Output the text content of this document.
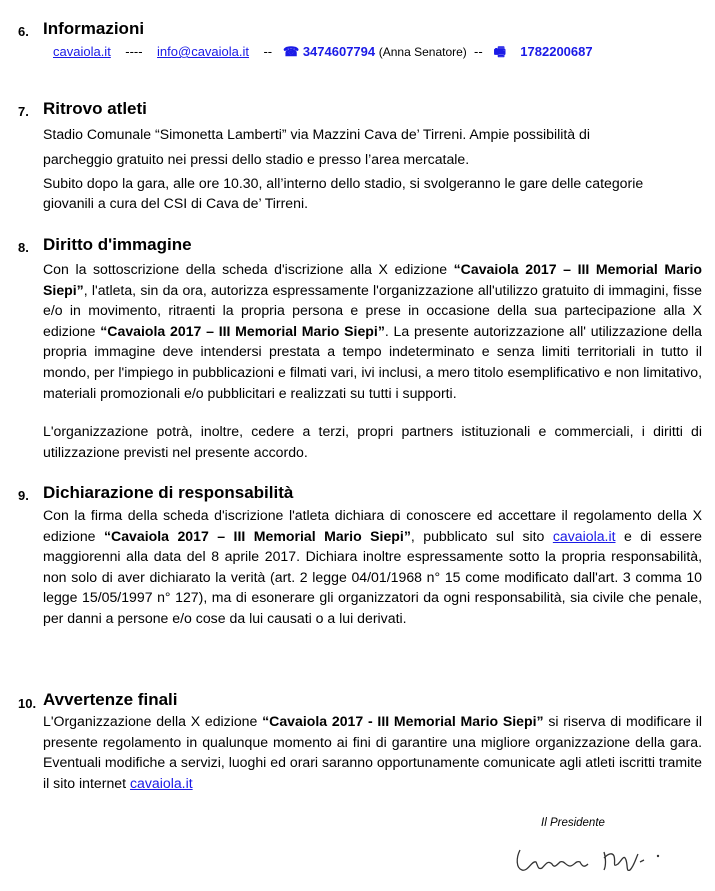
6. Informazioni
cavaiola.it ---- info@cavaiola.it -- ☎ 3474607794 (Anna Senatore) -- 🖷 1782200687
7. Ritrovo atleti
Stadio Comunale “Simonetta Lamberti” via Mazzini Cava de’ Tirreni. Ampie possibilità di
parcheggio gratuito nei pressi dello stadio e presso l’area mercatale.
Subito dopo la gara, alle ore 10.30, all’interno dello stadio, si svolgeranno le gare delle categorie
giovanili a cura del CSI di Cava de’ Tirreni.
8. Diritto d'immagine
Con la sottoscrizione della scheda d'iscrizione alla X edizione “Cavaiola 2017 – III Memorial Mario Siepi”, l'atleta, sin da ora, autorizza espressamente l'organizzazione all'utilizzo gratuito di immagini, fisse e/o in movimento, ritraenti la propria persona e prese in occasione della sua partecipazione alla X edizione “Cavaiola 2017 – III Memorial Mario Siepi”. La presente autorizzazione all' utilizzazione della propria immagine deve intendersi prestata a tempo indeterminato e senza limiti territoriali in tutto il mondo, per l'impiego in pubblicazioni e filmati vari, ivi inclusi, a mero titolo esemplificativo e non limitativo, materiali promozionali e/o pubblicitari e realizzati su tutti i supporti.
L'organizzazione potrà, inoltre, cedere a terzi, propri partners istituzionali e commerciali, i diritti di utilizzazione previsti nel presente accordo.
9. Dichiarazione di responsabilità
Con la firma della scheda d'iscrizione l'atleta dichiara di conoscere ed accettare il regolamento della X edizione “Cavaiola 2017 – III Memorial Mario Siepi”, pubblicato sul sito cavaiola.it e di essere maggiorenni alla data del 8 aprile 2017. Dichiara inoltre espressamente sotto la propria responsabilità, non solo di aver dichiarato la verità (art. 2 legge 04/01/1968 n° 15 come modificato dall'art. 3 comma 10 legge 15/05/1997 n° 127), ma di esonerare gli organizzatori da ogni responsabilità, sia civile che penale, per danni a persone e/o cose da lui causati o a lui derivati.
10. Avvertenze finali
L'Organizzazione della X edizione “Cavaiola 2017 - III Memorial Mario Siepi” si riserva di modificare il presente regolamento in qualunque momento ai fini di garantire una migliore organizzazione della gara. Eventuali modifiche a servizi, luoghi ed orari saranno opportunamente comunicate agli atleti iscritti tramite il sito internet cavaiola.it
Il Presidente
